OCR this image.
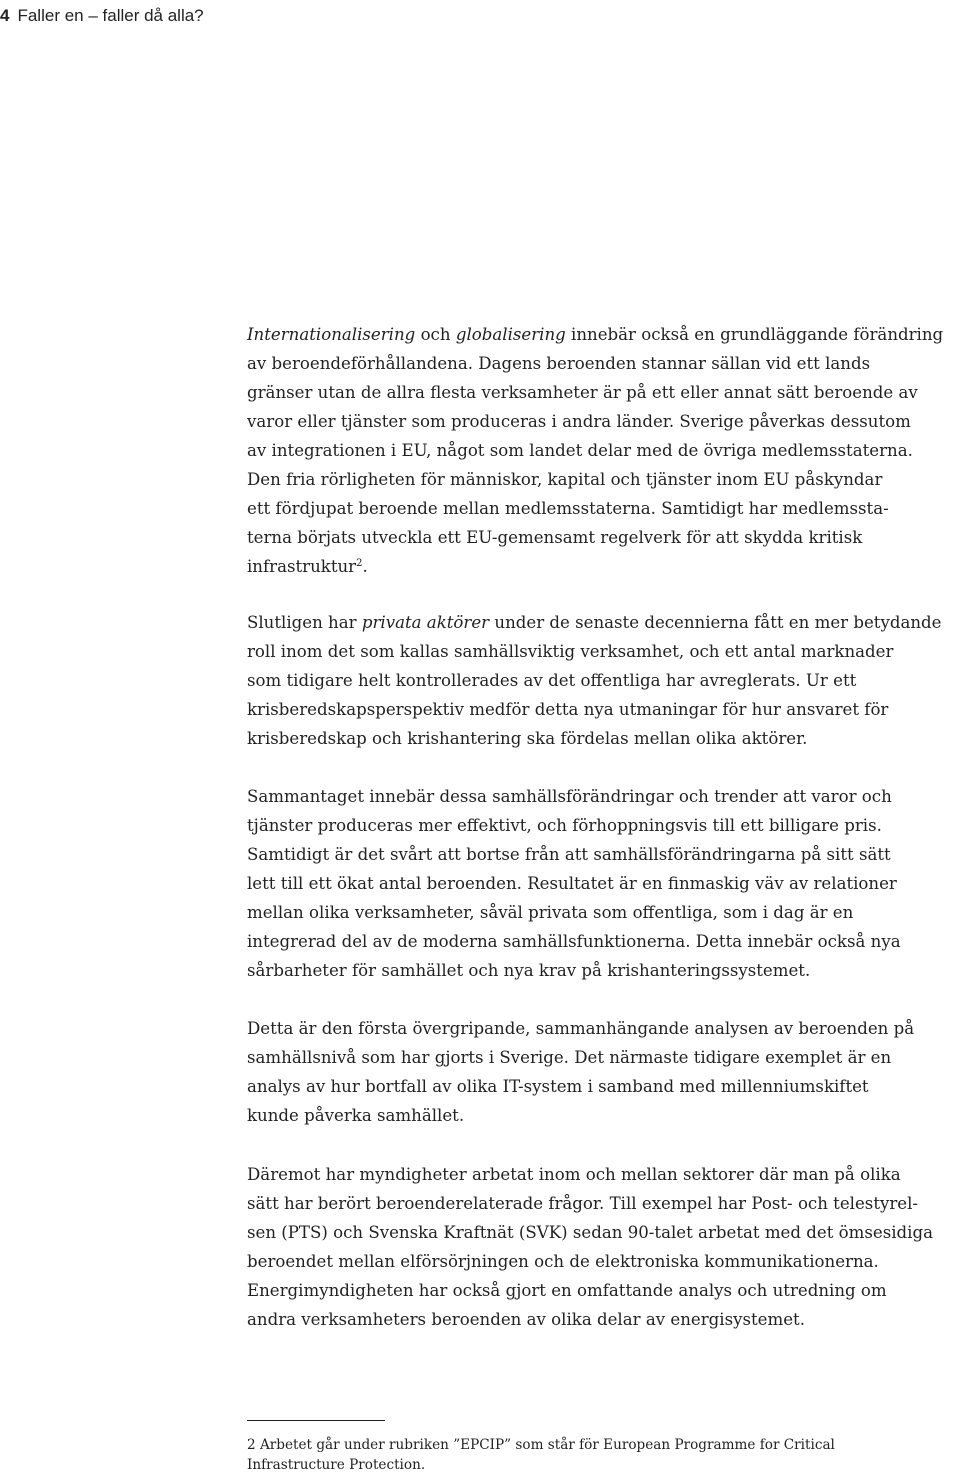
4 Faller en – faller då alla?
Internationalisering och globalisering innebär också en grundläggande förändring
av beroendeförhållandena. Dagens beroenden stannar sällan vid ett lands
gränser utan de allra flesta verksamheter är på ett eller annat sätt beroende av
varor eller tjänster som produceras i andra länder. Sverige påverkas dessutom
av integrationen i EU, något som landet delar med de övriga medlemsstaterna.
Den fria rörligheten för människor, kapital och tjänster inom EU påskyndar
ett fördjupat beroende mellan medlemsstaterna. Samtidigt har medlemssta-
terna börjats utveckla ett EU-gemensamt regelverk för att skydda kritisk
infrastruktur$^2$.
Slutligen har privata aktörer under de senaste decennierna fått en mer betydande
roll inom det som kallas samhällsviktig verksamhet, och ett antal marknader
som tidigare helt kontrollerades av det offentliga har avreglerats. Ur ett
krisberedskapsperspektiv medför detta nya utmaningar för hur ansvaret för
krisberedskap och krishantering ska fördelas mellan olika aktörer.
Sammantaget innebär dessa samhällsförändringar och trender att varor och
tjänster produceras mer effektivt, och förhoppningsvis till ett billigare pris.
Samtidigt är det svårt att bortse från att samhällsförändringarna på sitt sätt
lett till ett ökat antal beroenden. Resultatet är en finmaskig väv av relationer
mellan olika verksamheter, såväl privata som offentliga, som i dag är en
integrerad del av de moderna samhällsfunktionerna. Detta innebär också nya
sårbarheter för samhället och nya krav på krishanteringssystemet.
Detta är den första övergripande, sammanhängande analysen av beroenden på
samhällsnivå som har gjorts i Sverige. Det närmaste tidigare exemplet är en
analys av hur bortfall av olika IT-system i samband med millenniumskiftet
kunde påverka samhället.
Däremot har myndigheter arbetat inom och mellan sektorer där man på olika
sätt har berört beroenderelaterade frågor. Till exempel har Post- och telestyrel-
sen (PTS) och Svenska Kraftnät (SVK) sedan 90-talet arbetat med det ömsesidiga
beroendet mellan elförsörjningen och de elektroniska kommunikationerna.
Energimyndigheten har också gjort en omfattande analys och utredning om
andra verksamheters beroenden av olika delar av energisystemet.
2 Arbetet går under rubriken ”EPCIP” som står för European Programme for Critical
Infrastructure Protection.
